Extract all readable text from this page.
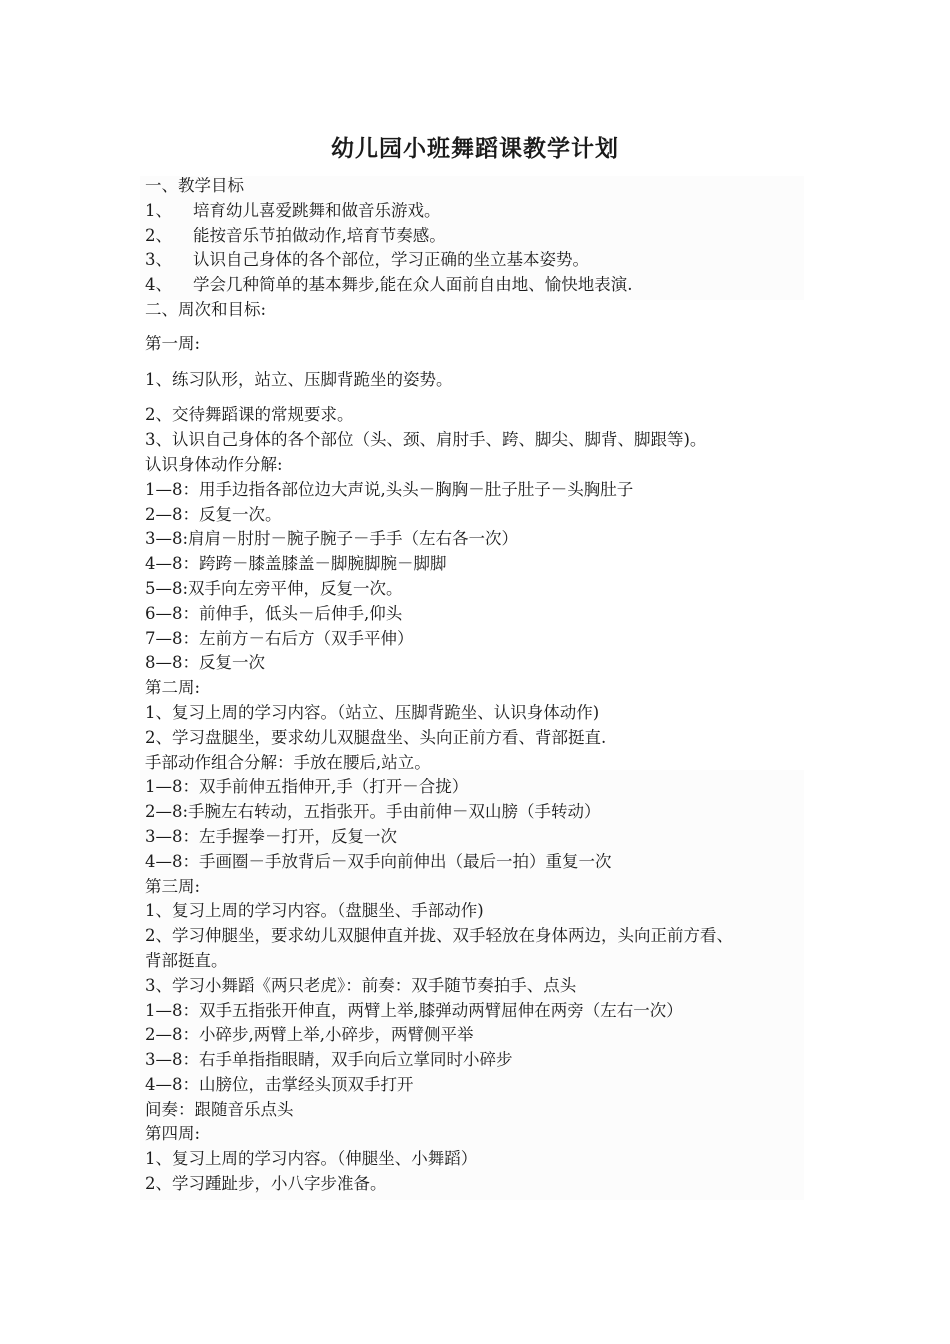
幼儿园小班舞蹈课教学计划
一、教学目标
1、 培育幼儿喜爱跳舞和做音乐游戏。
2、 能按音乐节拍做动作,培育节奏感。
3、 认识自己身体的各个部位，学习正确的坐立基本姿势。
4、 学会几种简单的基本舞步,能在众人面前自由地、愉快地表演.
二、周次和目标:
第一周:
1、练习队形，站立、压脚背跪坐的姿势。
2、交待舞蹈课的常规要求。
3、认识自己身体的各个部位（头、颈、肩肘手、跨、脚尖、脚背、脚跟等)。
认识身体动作分解:
1—8：用手边指各部位边大声说,头头－胸胸－肚子肚子－头胸肚子
2—8：反复一次。
3—8:肩肩－肘肘－腕子腕子－手手（左右各一次）
4—8：跨跨－膝盖膝盖－脚腕脚腕－脚脚
5—8:双手向左旁平伸，反复一次。
6—8：前伸手，低头－后伸手,仰头
7—8：左前方－右后方（双手平伸）
8—8：反复一次
第二周:
1、复习上周的学习内容。（站立、压脚背跪坐、认识身体动作)
2、学习盘腿坐，要求幼儿双腿盘坐、头向正前方看、背部挺直.
手部动作组合分解：手放在腰后,站立。
1—8：双手前伸五指伸开,手（打开－合拢）
2—8:手腕左右转动，五指张开。手由前伸－双山膀（手转动）
3—8：左手握拳－打开，反复一次
4—8：手画圈－手放背后－双手向前伸出（最后一拍）重复一次
第三周:
1、复习上周的学习内容。（盘腿坐、手部动作)
2、学习伸腿坐，要求幼儿双腿伸直并拢、双手轻放在身体两边，头向正前方看、
背部挺直。
3、学习小舞蹈《两只老虎》：前奏：双手随节奏拍手、点头
1—8：双手五指张开伸直，两臂上举,膝弹动两臂屈伸在两旁（左右一次）
2—8：小碎步,两臂上举,小碎步，两臂侧平举
3—8：右手单指指眼睛，双手向后立掌同时小碎步
4—8：山膀位，击掌经头顶双手打开
间奏：跟随音乐点头
第四周:
1、复习上周的学习内容。（伸腿坐、小舞蹈）
2、学习踵趾步，小八字步准备。
